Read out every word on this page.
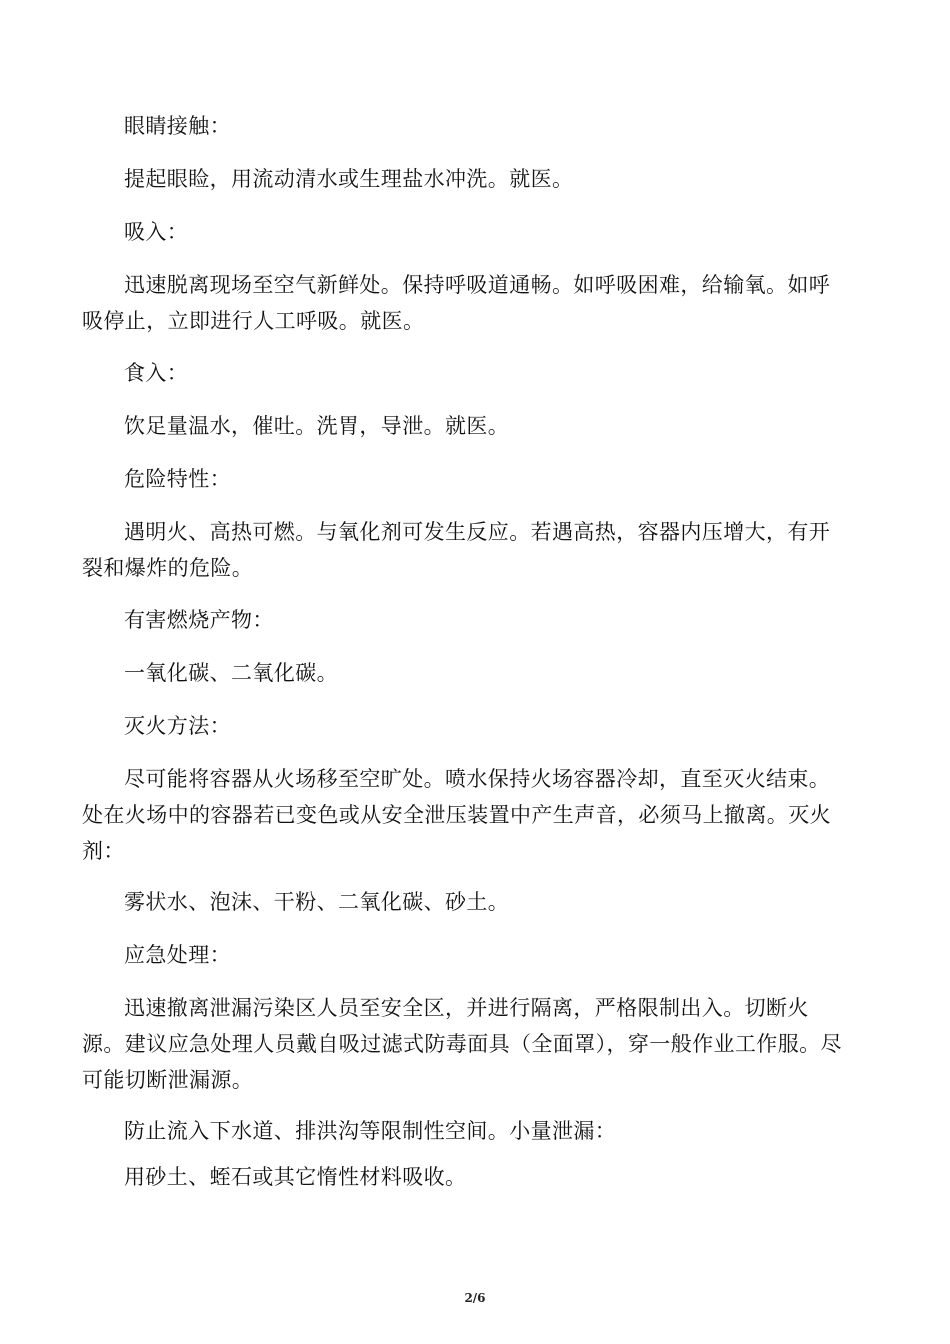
眼睛接触：

提起眼睑，用流动清水或生理盐水冲洗。就医。

吸入：

迅速脱离现场至空气新鲜处。保持呼吸道通畅。如呼吸困难，给输氧。如呼吸停止，立即进行人工呼吸。就医。

食入：

饮足量温水，催吐。洗胃，导泄。就医。

危险特性：

遇明火、高热可燃。与氧化剂可发生反应。若遇高热，容器内压增大，有开裂和爆炸的危险。

有害燃烧产物：

一氧化碳、二氧化碳。

灭火方法：

尽可能将容器从火场移至空旷处。喷水保持火场容器冷却，直至灭火结束。处在火场中的容器若已变色或从安全泄压装置中产生声音，必须马上撤离。灭火剂：

雾状水、泡沫、干粉、二氧化碳、砂土。

应急处理：

迅速撤离泄漏污染区人员至安全区，并进行隔离，严格限制出入。切断火源。建议应急处理人员戴自吸过滤式防毒面具（全面罩），穿一般作业工作服。尽可能切断泄漏源。

防止流入下水道、排洪沟等限制性空间。小量泄漏：

用砂土、蛭石或其它惰性材料吸收。

2/6
